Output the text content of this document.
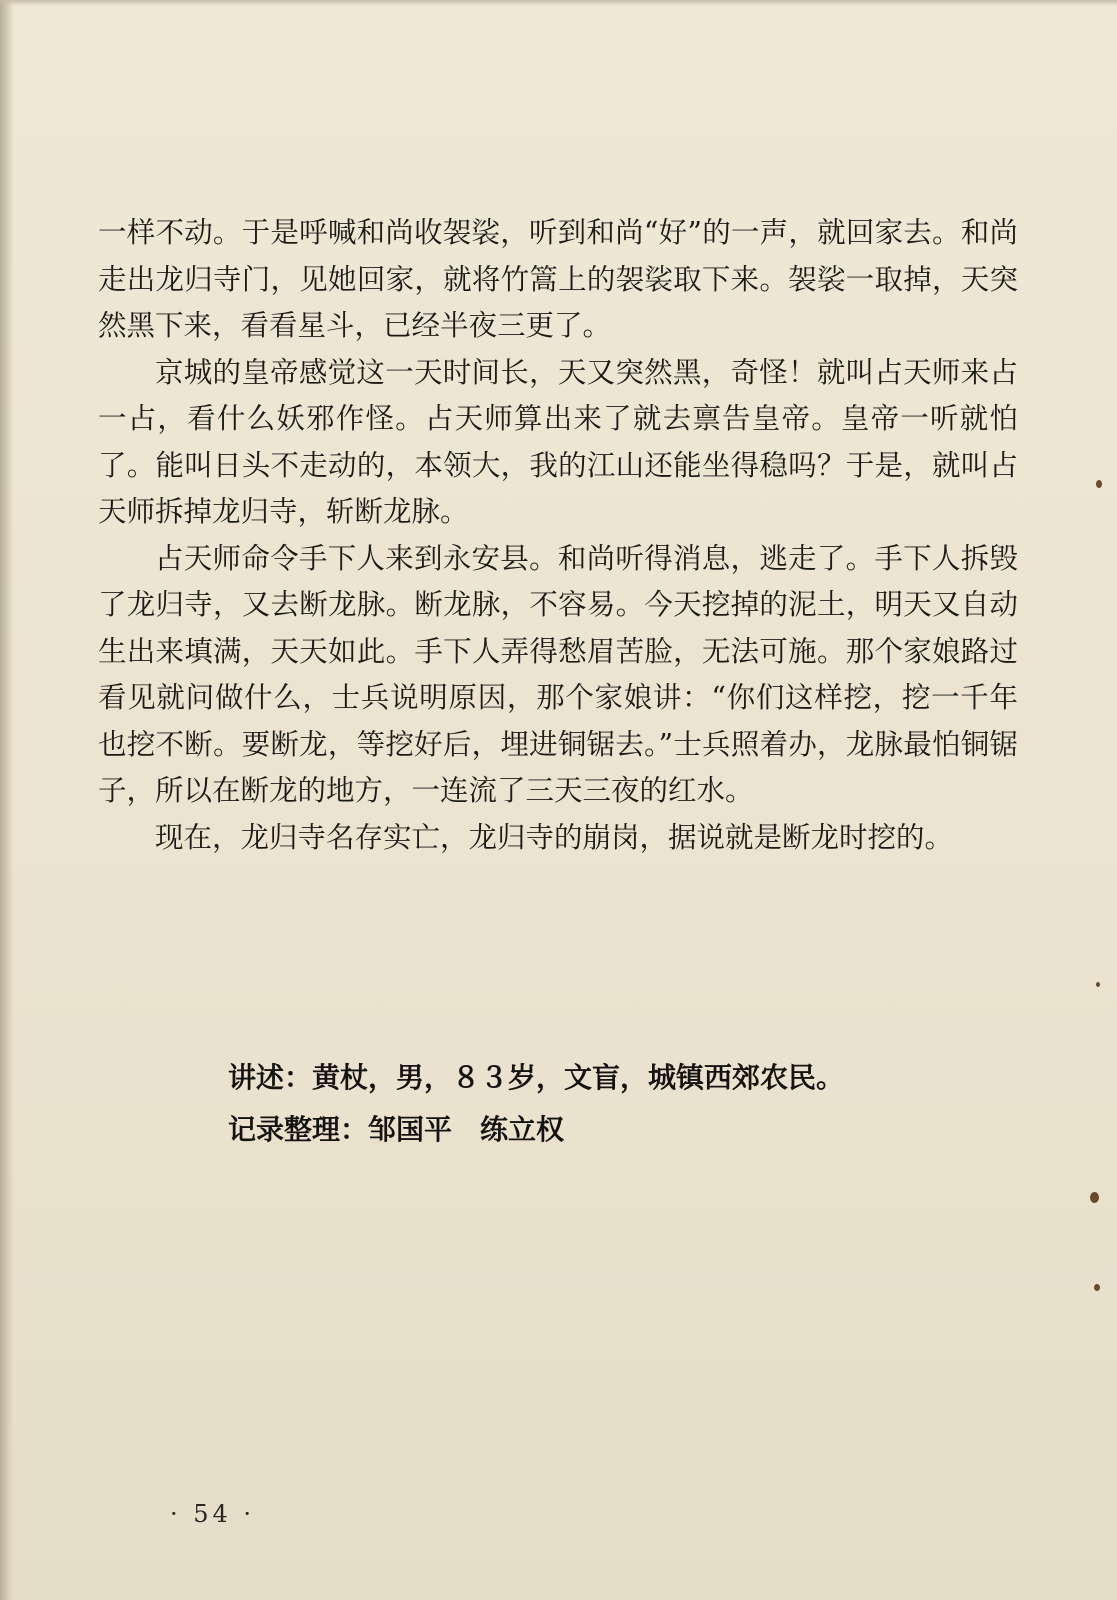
一样不动。于是呼喊和尚收袈裟，听到和尚“好”的一声，就回家去。和尚走出龙归寺门，见她回家，就将竹篙上的袈裟取下来。袈裟一取掉，天突然黑下来，看看星斗，已经半夜三更了。

京城的皇帝感觉这一天时间长，天又突然黑，奇怪！就叫占天师来占一占，看什么妖邪作怪。占天师算出来了就去禀告皇帝。皇帝一听就怕了。能叫日头不走动的，本领大，我的江山还能坐得稳吗？于是，就叫占天师拆掉龙归寺，斩断龙脉。

占天师命令手下人来到永安县。和尚听得消息，逃走了。手下人拆毁了龙归寺，又去断龙脉。断龙脉，不容易。今天挖掉的泥土，明天又自动生出来填满，天天如此。手下人弄得愁眉苦脸，无法可施。那个家娘路过看见就问做什么，士兵说明原因，那个家娘讲：“你们这样挖，挖一千年也挖不断。要断龙，等挖好后，埋进铜锯去。”士兵照着办，龙脉最怕铜锯子，所以在断龙的地方，一连流了三天三夜的红水。

现在，龙归寺名存实亡，龙归寺的崩岗，据说就是断龙时挖的。

讲述：黄杖，男，８３岁，文盲，城镇西郊农民。
记录整理：邹国平　练立权
· 54 ·
